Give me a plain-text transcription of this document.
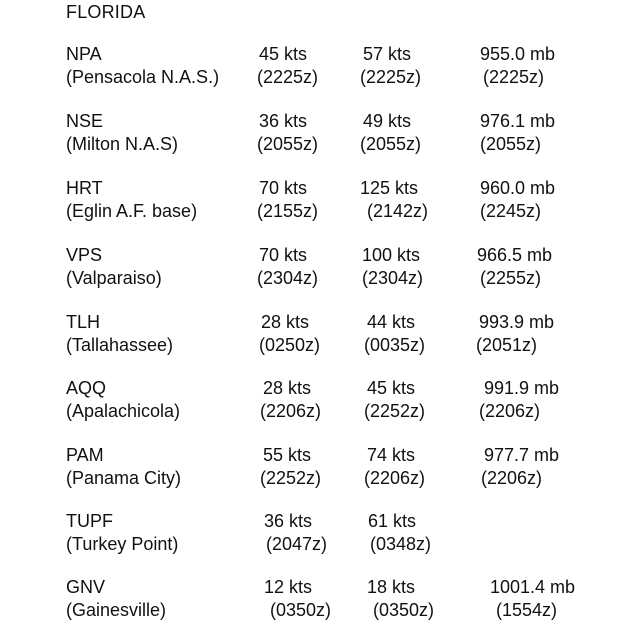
FLORIDA
NPA
(Pensacola N.A.S.)
45 kts
(2225z)
57 kts
(2225z)
955.0 mb
(2225z)
NSE
(Milton N.A.S)
36 kts
(2055z)
49 kts
(2055z)
976.1 mb
(2055z)
HRT
(Eglin A.F. base)
70 kts
(2155z)
125 kts
(2142z)
960.0 mb
(2245z)
VPS
(Valparaiso)
70 kts
(2304z)
100 kts
(2304z)
966.5 mb
(2255z)
TLH
(Tallahassee)
28 kts
(0250z)
44 kts
(0035z)
993.9 mb
(2051z)
AQQ
(Apalachicola)
28 kts
(2206z)
45 kts
(2252z)
991.9 mb
(2206z)
PAM
(Panama City)
55 kts
(2252z)
74 kts
(2206z)
977.7 mb
(2206z)
TUPF
(Turkey Point)
36 kts
(2047z)
61 kts
(0348z)
GNV
(Gainesville)
12 kts
(0350z)
18 kts
(0350z)
1001.4 mb
(1554z)
